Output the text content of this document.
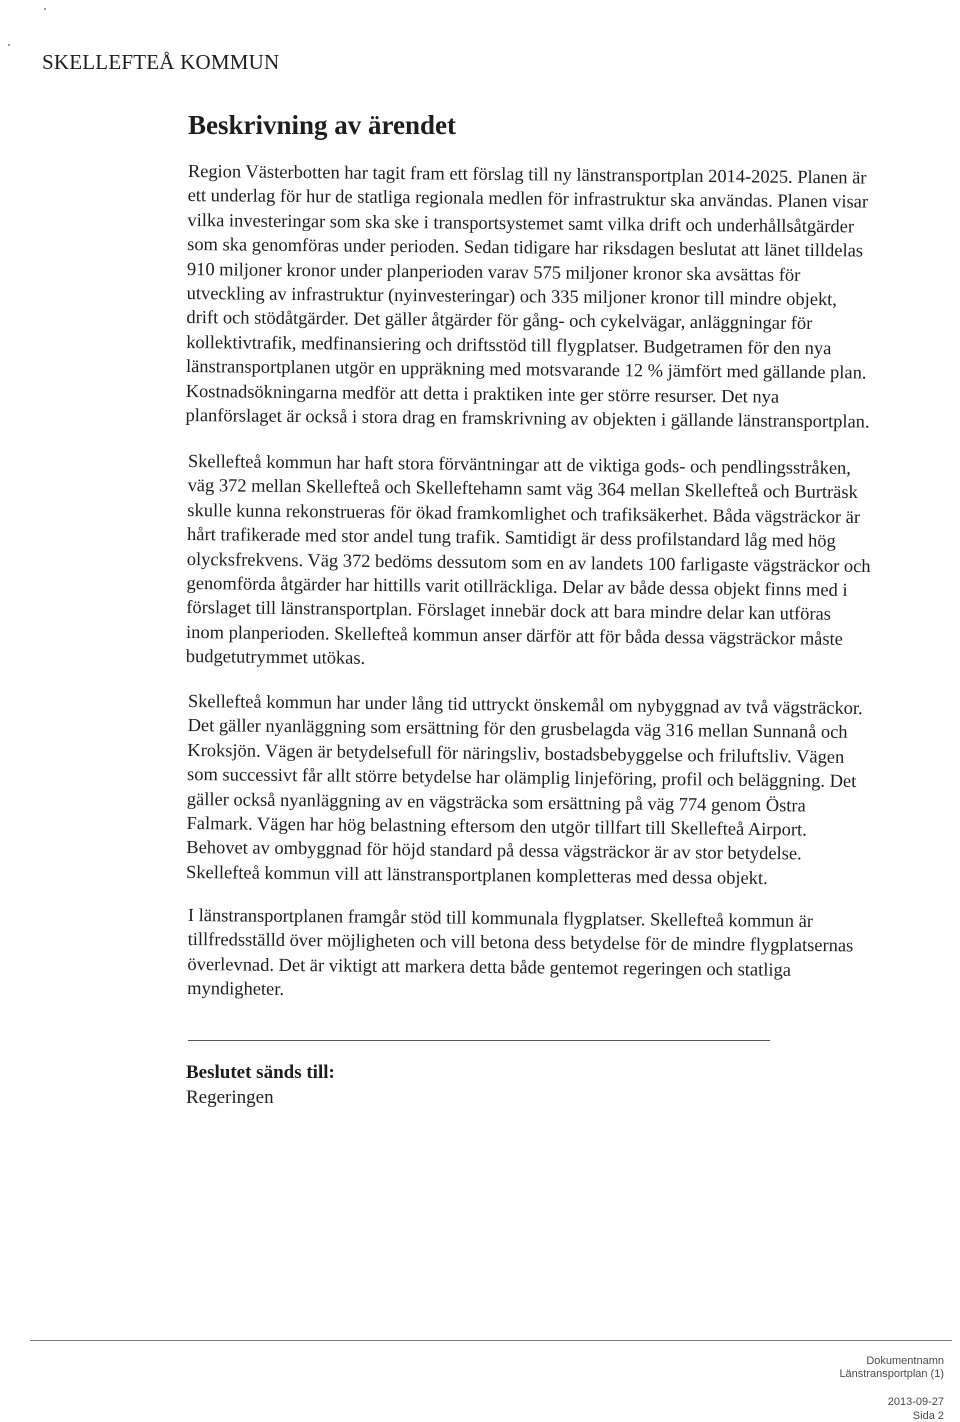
SKELLEFTEÅ KOMMUN
Beskrivning av ärendet

Region Västerbotten har tagit fram ett förslag till ny länstransportplan 2014-2025. Planen är
ett underlag för hur de statliga regionala medlen för infrastruktur ska användas. Planen visar
vilka investeringar som ska ske i transportsystemet samt vilka drift och underhållsåtgärder
som ska genomföras under perioden. Sedan tidigare har riksdagen beslutat att länet tilldelas
910 miljoner kronor under planperioden varav 575 miljoner kronor ska avsättas för
utveckling av infrastruktur (nyinvesteringar) och 335 miljoner kronor till mindre objekt,
drift och stödåtgärder. Det gäller åtgärder för gång- och cykelvägar, anläggningar för
kollektivtrafik, medfinansiering och driftsstöd till flygplatser. Budgetramen för den nya
länstransportplanen utgör en uppräkning med motsvarande 12 % jämfört med gällande plan.
Kostnadsökningarna medför att detta i praktiken inte ger större resurser. Det nya
planförslaget är också i stora drag en framskrivning av objekten i gällande länstransportplan.

Skellefteå kommun har haft stora förväntningar att de viktiga gods- och pendlingsstråken,
väg 372 mellan Skellefteå och Skelleftehamn samt väg 364 mellan Skellefteå och Burträsk
skulle kunna rekonstrueras för ökad framkomlighet och trafiksäkerhet. Båda vägsträckor är
hårt trafikerade med stor andel tung trafik. Samtidigt är dess profilstandard låg med hög
olycksfrekvens. Väg 372 bedöms dessutom som en av landets 100 farligaste vägsträckor och
genomförda åtgärder har hittills varit otillräckliga. Delar av både dessa objekt finns med i
förslaget till länstransportplan. Förslaget innebär dock att bara mindre delar kan utföras
inom planperioden. Skellefteå kommun anser därför att för båda dessa vägsträckor måste
budgetutrymmet utökas.

Skellefteå kommun har under lång tid uttryckt önskemål om nybyggnad av två vägsträckor.
Det gäller nyanläggning som ersättning för den grusbelagda väg 316 mellan Sunnanå och
Kroksjön. Vägen är betydelsefull för näringsliv, bostadsbebyggelse och friluftsliv. Vägen
som successivt får allt större betydelse har olämplig linjeföring, profil och beläggning. Det
gäller också nyanläggning av en vägsträcka som ersättning på väg 774 genom Östra
Falmark. Vägen har hög belastning eftersom den utgör tillfart till Skellefteå Airport.
Behovet av ombyggnad för höjd standard på dessa vägsträckor är av stor betydelse.
Skellefteå kommun vill att länstransportplanen kompletteras med dessa objekt.

I länstransportplanen framgår stöd till kommunala flygplatser. Skellefteå kommun är
tillfredsställd över möjligheten och vill betona dess betydelse för de mindre flygplatsernas
överlevnad. Det är viktigt att markera detta både gentemot regeringen och statliga
myndigheter.

Beslutet sänds till:
Regeringen
Dokumentnamn
Länstransportplan (1)
2013-09-27
Sida 2
